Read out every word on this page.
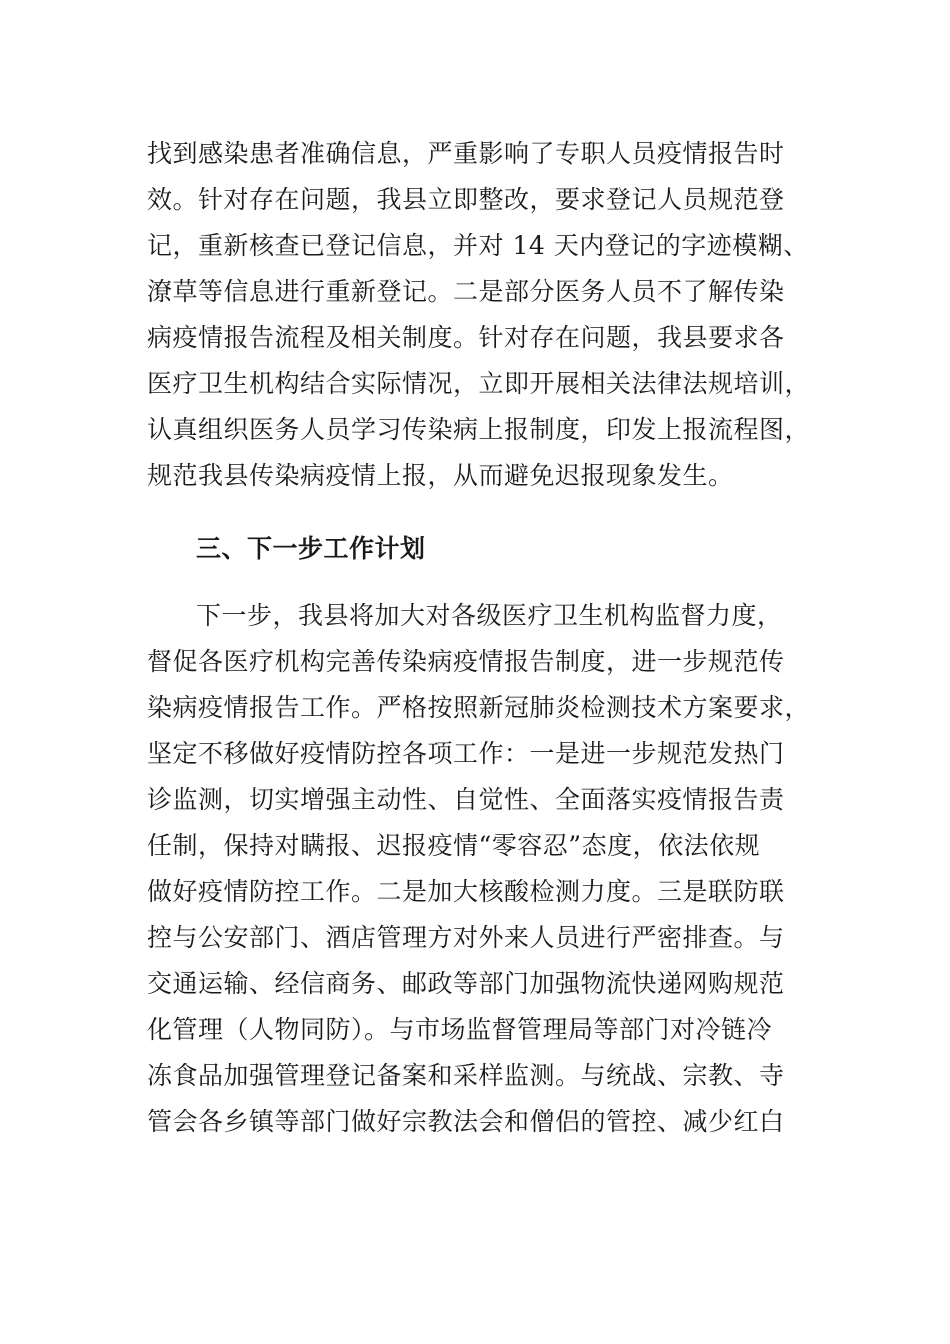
找到感染患者准确信息，严重影响了专职人员疫情报告时
效。针对存在问题，我县立即整改，要求登记人员规范登
记，重新核查已登记信息，并对 14 天内登记的字迹模糊、
潦草等信息进行重新登记。二是部分医务人员不了解传染
病疫情报告流程及相关制度。针对存在问题，我县要求各
医疗卫生机构结合实际情况，立即开展相关法律法规培训，
认真组织医务人员学习传染病上报制度，印发上报流程图，
规范我县传染病疫情上报，从而避免迟报现象发生。
三、下一步工作计划
下一步，我县将加大对各级医疗卫生机构监督力度，
督促各医疗机构完善传染病疫情报告制度，进一步规范传
染病疫情报告工作。严格按照新冠肺炎检测技术方案要求，
坚定不移做好疫情防控各项工作：一是进一步规范发热门
诊监测，切实增强主动性、自觉性、全面落实疫情报告责
任制，保持对瞒报、迟报疫情“零容忍”态度，依法依规
做好疫情防控工作。二是加大核酸检测力度。三是联防联
控与公安部门、酒店管理方对外来人员进行严密排查。与
交通运输、经信商务、邮政等部门加强物流快递网购规范
化管理（人物同防）。与市场监督管理局等部门对冷链冷
冻食品加强管理登记备案和采样监测。与统战、宗教、寺
管会各乡镇等部门做好宗教法会和僧侣的管控、减少红白
